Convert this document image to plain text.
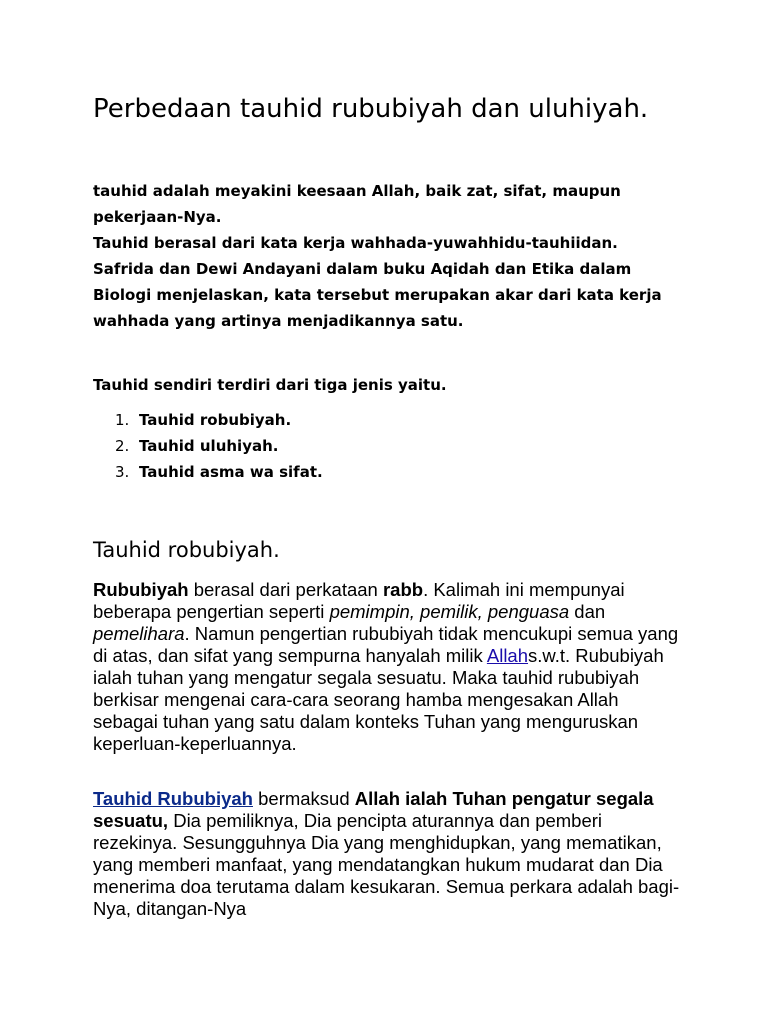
Perbedaan tauhid rububiyah dan uluhiyah.

tauhid adalah meyakini keesaan Allah, baik zat, sifat, maupun pekerjaan-Nya.

Tauhid berasal dari kata kerja wahhada-yuwahhidu-tauhiidan. Safrida dan Dewi Andayani dalam buku Aqidah dan Etika dalam Biologi menjelaskan, kata tersebut merupakan akar dari kata kerja wahhada yang artinya menjadikannya satu.

Tauhid sendiri terdiri dari tiga jenis yaitu.

1. Tauhid robubiyah.
2. Tauhid uluhiyah.
3. Tauhid asma wa sifat.
Tauhid robubiyah.

Rububiyah berasal dari perkataan rabb. Kalimah ini mempunyai beberapa pengertian seperti pemimpin, pemilik, penguasa dan pemelihara. Namun pengertian rububiyah tidak mencukupi semua yang di atas, dan sifat yang sempurna hanyalah milik Allahs.w.t. Rububiyah ialah tuhan yang mengatur segala sesuatu. Maka tauhid rububiyah berkisar mengenai cara-cara seorang hamba mengesakan Allah sebagai tuhan yang satu dalam konteks Tuhan yang menguruskan keperluan-keperluannya.

Tauhid Rububiyah bermaksud Allah ialah Tuhan pengatur segala sesuatu, Dia pemiliknya, Dia pencipta aturannya dan pemberi rezekinya. Sesungguhnya Dia yang menghidupkan, yang mematikan, yang memberi manfaat, yang mendatangkan hukum mudarat dan Dia menerima doa terutama dalam kesukaran. Semua perkara adalah bagi-Nya, ditangan-Nya
